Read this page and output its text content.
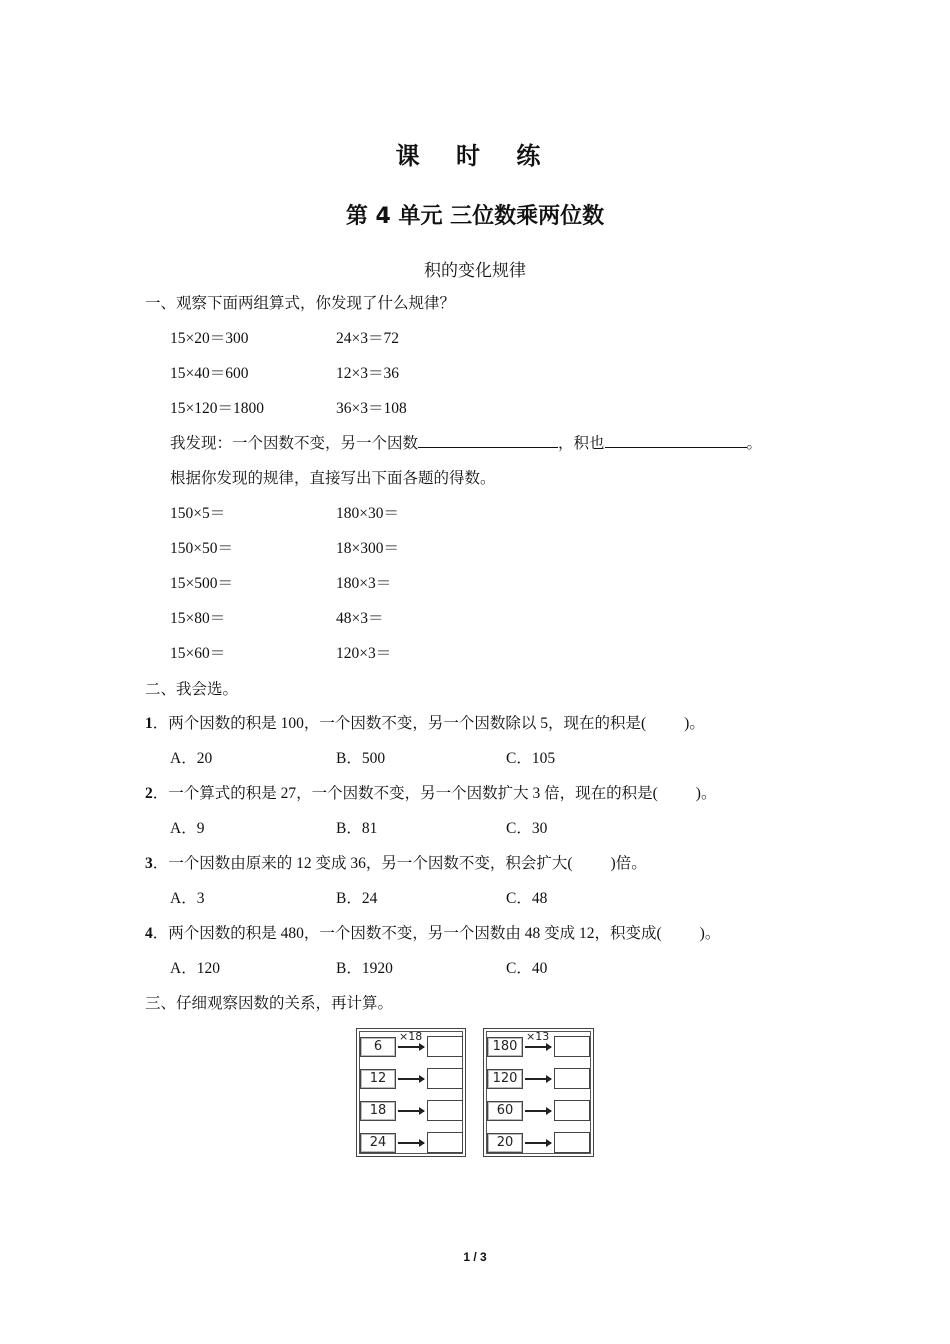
课 时 练
第 4 单元 三位数乘两位数
积的变化规律
一、观察下面两组算式，你发现了什么规律？
15×20＝300	24×3＝72
15×40＝600	12×3＝36
15×120＝1800	36×3＝108
我发现：一个因数不变，另一个因数	，积也	。
根据你发现的规律，直接写出下面各题的得数。
150×5＝	180×30＝
150×50＝	18×300＝
15×500＝	180×3＝
15×80＝	48×3＝
15×60＝	120×3＝
二、我会选。
1．两个因数的积是 100，一个因数不变，另一个因数除以 5，现在的积是( )。
A．20	B．500	C．105
2．一个算式的积是 27，一个因数不变，另一个因数扩大 3 倍，现在的积是( )。
A．9	B．81	C．30
3．一个因数由原来的 12 变成 36，另一个因数不变，积会扩大( )倍。
A．3	B．24	C．48
4．两个因数的积是 480，一个因数不变，另一个因数由 48 变成 12，积变成( )。
A．120	B．1920	C．40
三、仔细观察因数的关系，再计算。
×18
6
12
18
24
×13
180
120
60
20
1 / 3
